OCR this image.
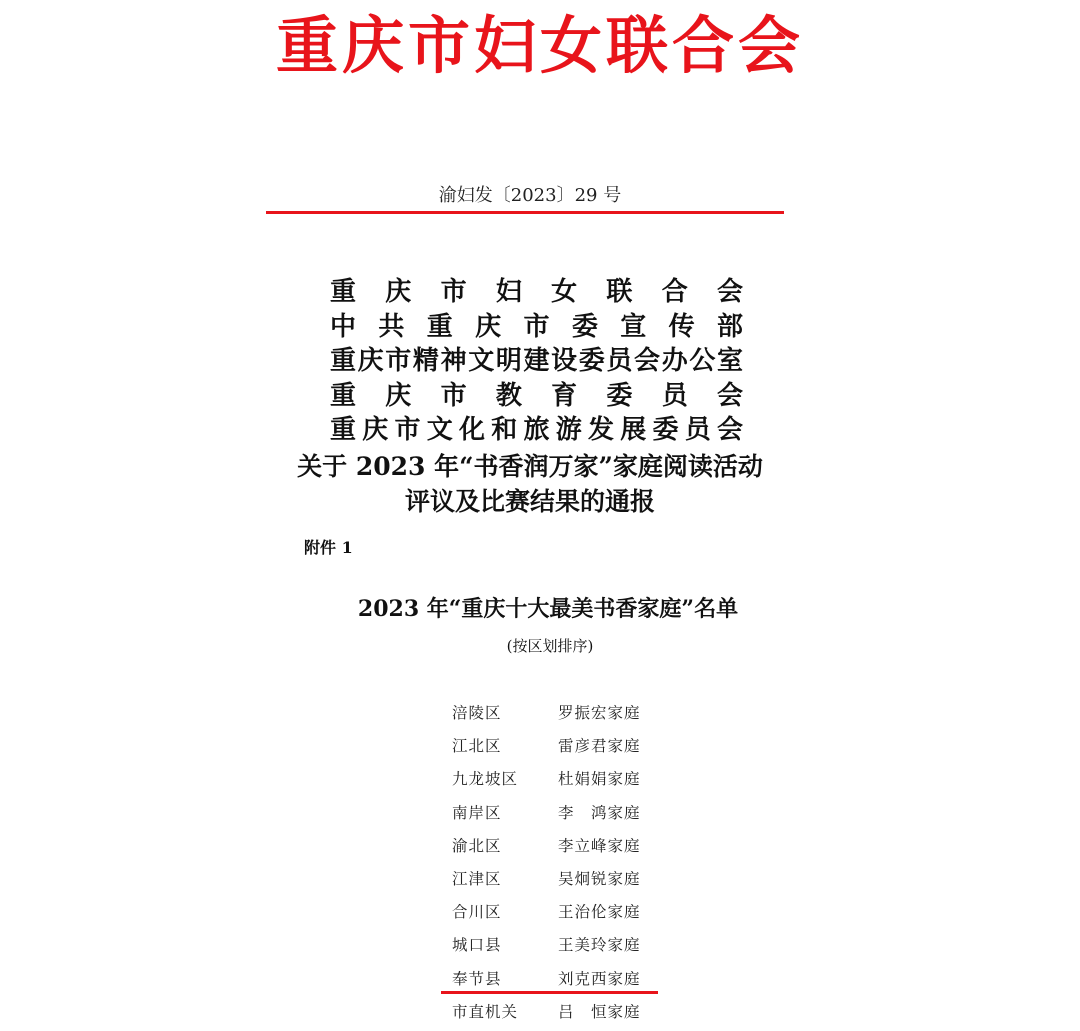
重庆市妇女联合会
渝妇发〔2023〕29 号
重庆市妇女联合会
中共重庆市委宣传部
重庆市精神文明建设委员会办公室
重庆市教育委员会
重庆市文化和旅游发展委员会
关于 2023 年“书香润万家”家庭阅读活动
评议及比赛结果的通报
附件 1
2023 年“重庆十大最美书香家庭”名单
(按区划排序)
涪陵区	罗振宏家庭
江北区	雷彦君家庭
九龙坡区	杜娟娟家庭
南岸区	李　鸿家庭
渝北区	李立峰家庭
江津区	吴炯锐家庭
合川区	王治伦家庭
城口县	王美玲家庭
奉节县	刘克西家庭
市直机关	吕　恒家庭
